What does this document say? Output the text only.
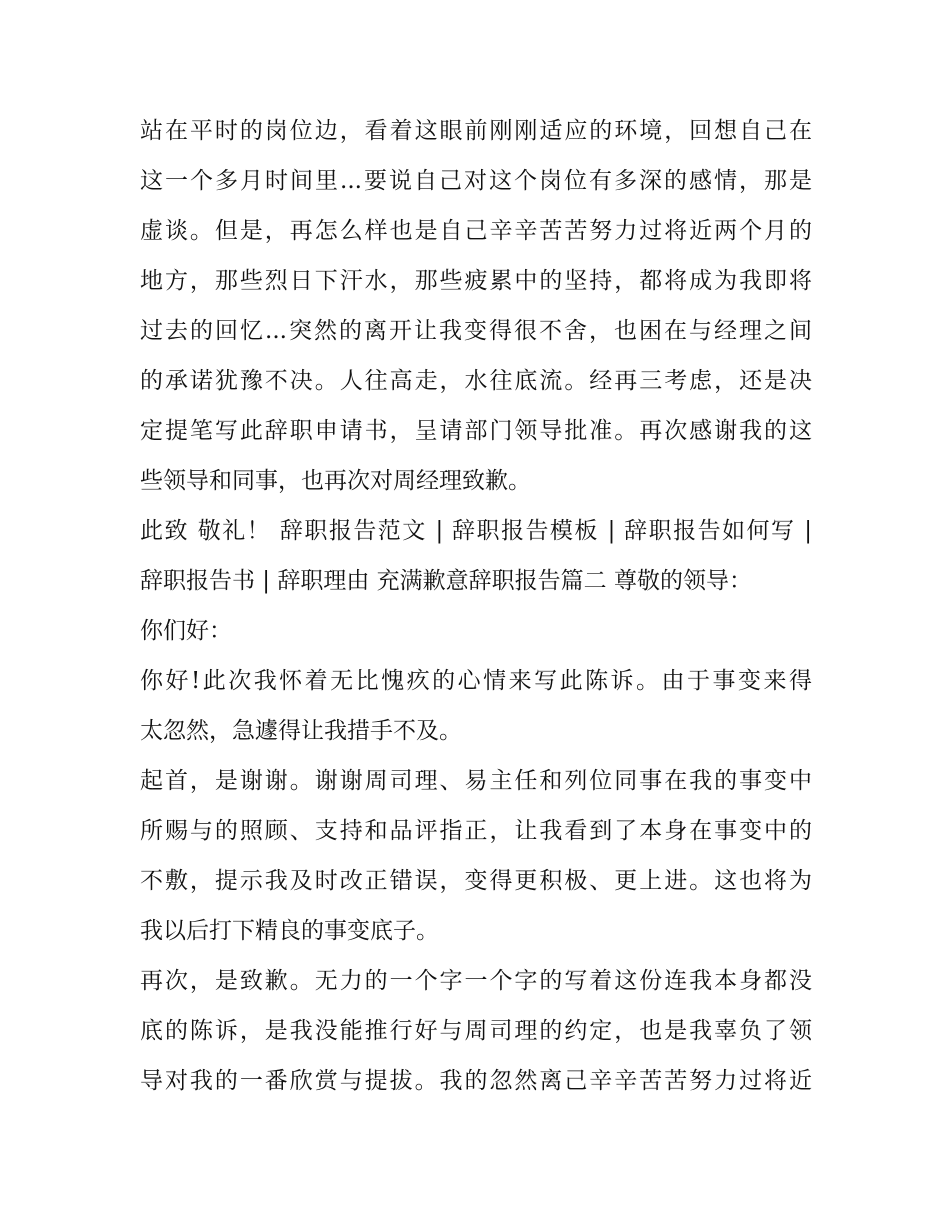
站在平时的岗位边，看着这眼前刚刚适应的环境，回想自己在
这一个多月时间里...要说自己对这个岗位有多深的感情，那是
虚谈。但是，再怎么样也是自己辛辛苦苦努力过将近两个月的
地方，那些烈日下汗水，那些疲累中的坚持，都将成为我即将
过去的回忆...突然的离开让我变得很不舍，也困在与经理之间
的承诺犹豫不决。人往高走，水往底流。经再三考虑，还是决
定提笔写此辞职申请书，呈请部门领导批准。再次感谢我的这
些领导和同事，也再次对周经理致歉。
此致 敬礼！ 辞职报告范文 | 辞职报告模板 | 辞职报告如何写 |
辞职报告书 | 辞职理由 充满歉意辞职报告篇二 尊敬的领导：
你们好：
你好!此次我怀着无比愧疚的心情来写此陈诉。由于事变来得
太忽然，急遽得让我措手不及。
起首，是谢谢。谢谢周司理、易主任和列位同事在我的事变中
所赐与的照顾、支持和品评指正，让我看到了本身在事变中的
不敷，提示我及时改正错误，变得更积极、更上进。这也将为
我以后打下精良的事变底子。
再次，是致歉。无力的一个字一个字的写着这份连我本身都没
底的陈诉，是我没能推行好与周司理的约定，也是我辜负了领
导对我的一番欣赏与提拔。我的忽然离己辛辛苦苦努力过将近
